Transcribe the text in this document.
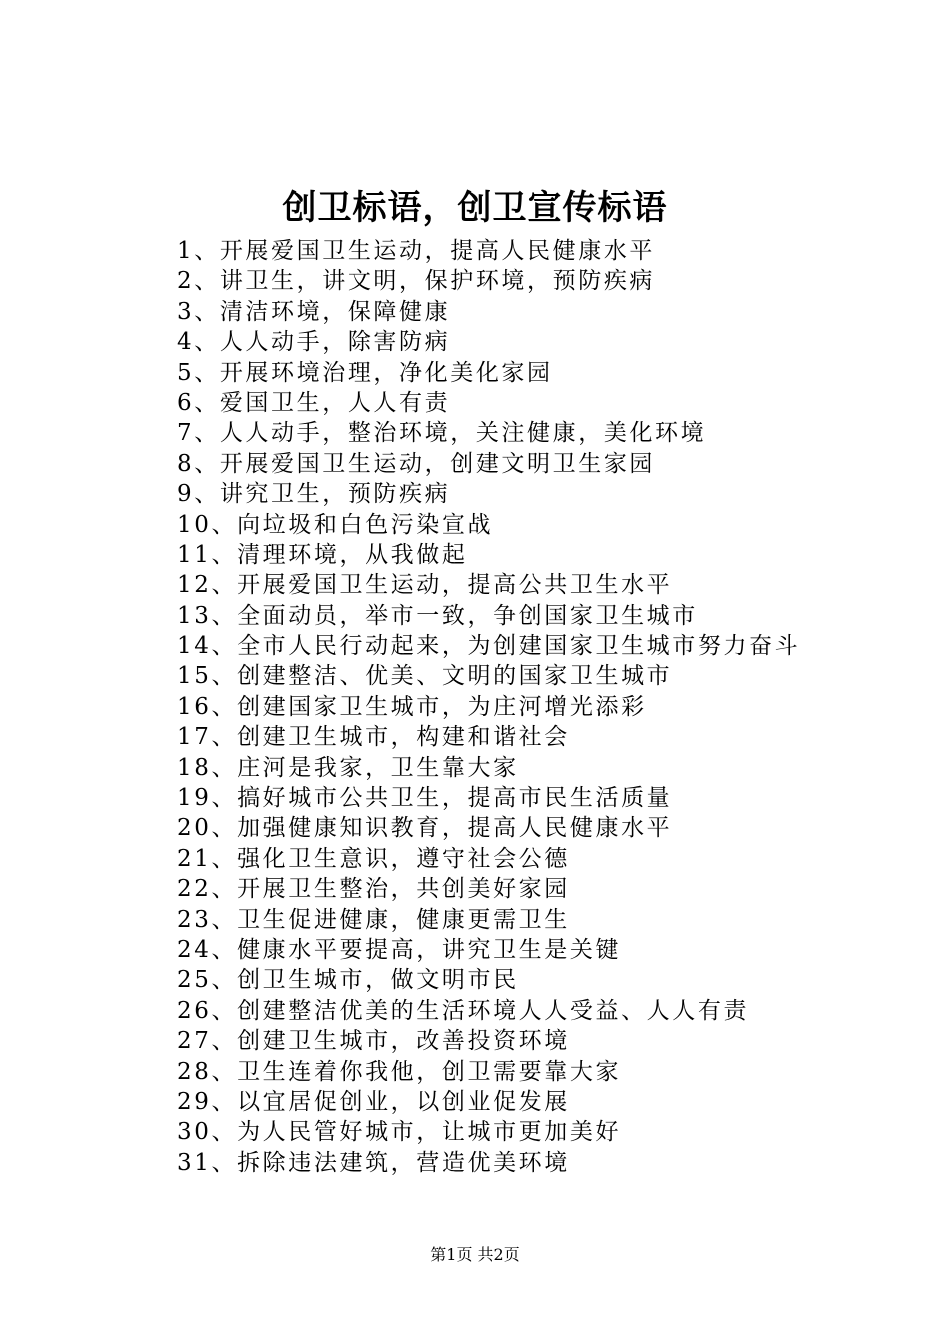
创卫标语，创卫宣传标语
1、开展爱国卫生运动，提高人民健康水平
2、讲卫生，讲文明，保护环境，预防疾病
3、清洁环境，保障健康
4、人人动手，除害防病
5、开展环境治理，净化美化家园
6、爱国卫生，人人有责
7、人人动手，整治环境，关注健康，美化环境
8、开展爱国卫生运动，创建文明卫生家园
9、讲究卫生，预防疾病
10、向垃圾和白色污染宣战
11、清理环境，从我做起
12、开展爱国卫生运动，提高公共卫生水平
13、全面动员，举市一致，争创国家卫生城市
14、全市人民行动起来，为创建国家卫生城市努力奋斗
15、创建整洁、优美、文明的国家卫生城市
16、创建国家卫生城市，为庄河增光添彩
17、创建卫生城市，构建和谐社会
18、庄河是我家，卫生靠大家
19、搞好城市公共卫生，提高市民生活质量
20、加强健康知识教育，提高人民健康水平
21、强化卫生意识，遵守社会公德
22、开展卫生整治，共创美好家园
23、卫生促进健康，健康更需卫生
24、健康水平要提高，讲究卫生是关键
25、创卫生城市，做文明市民
26、创建整洁优美的生活环境人人受益、人人有责
27、创建卫生城市，改善投资环境
28、卫生连着你我他，创卫需要靠大家
29、以宜居促创业，以创业促发展
30、为人民管好城市，让城市更加美好
31、拆除违法建筑，营造优美环境
第1页 共2页
